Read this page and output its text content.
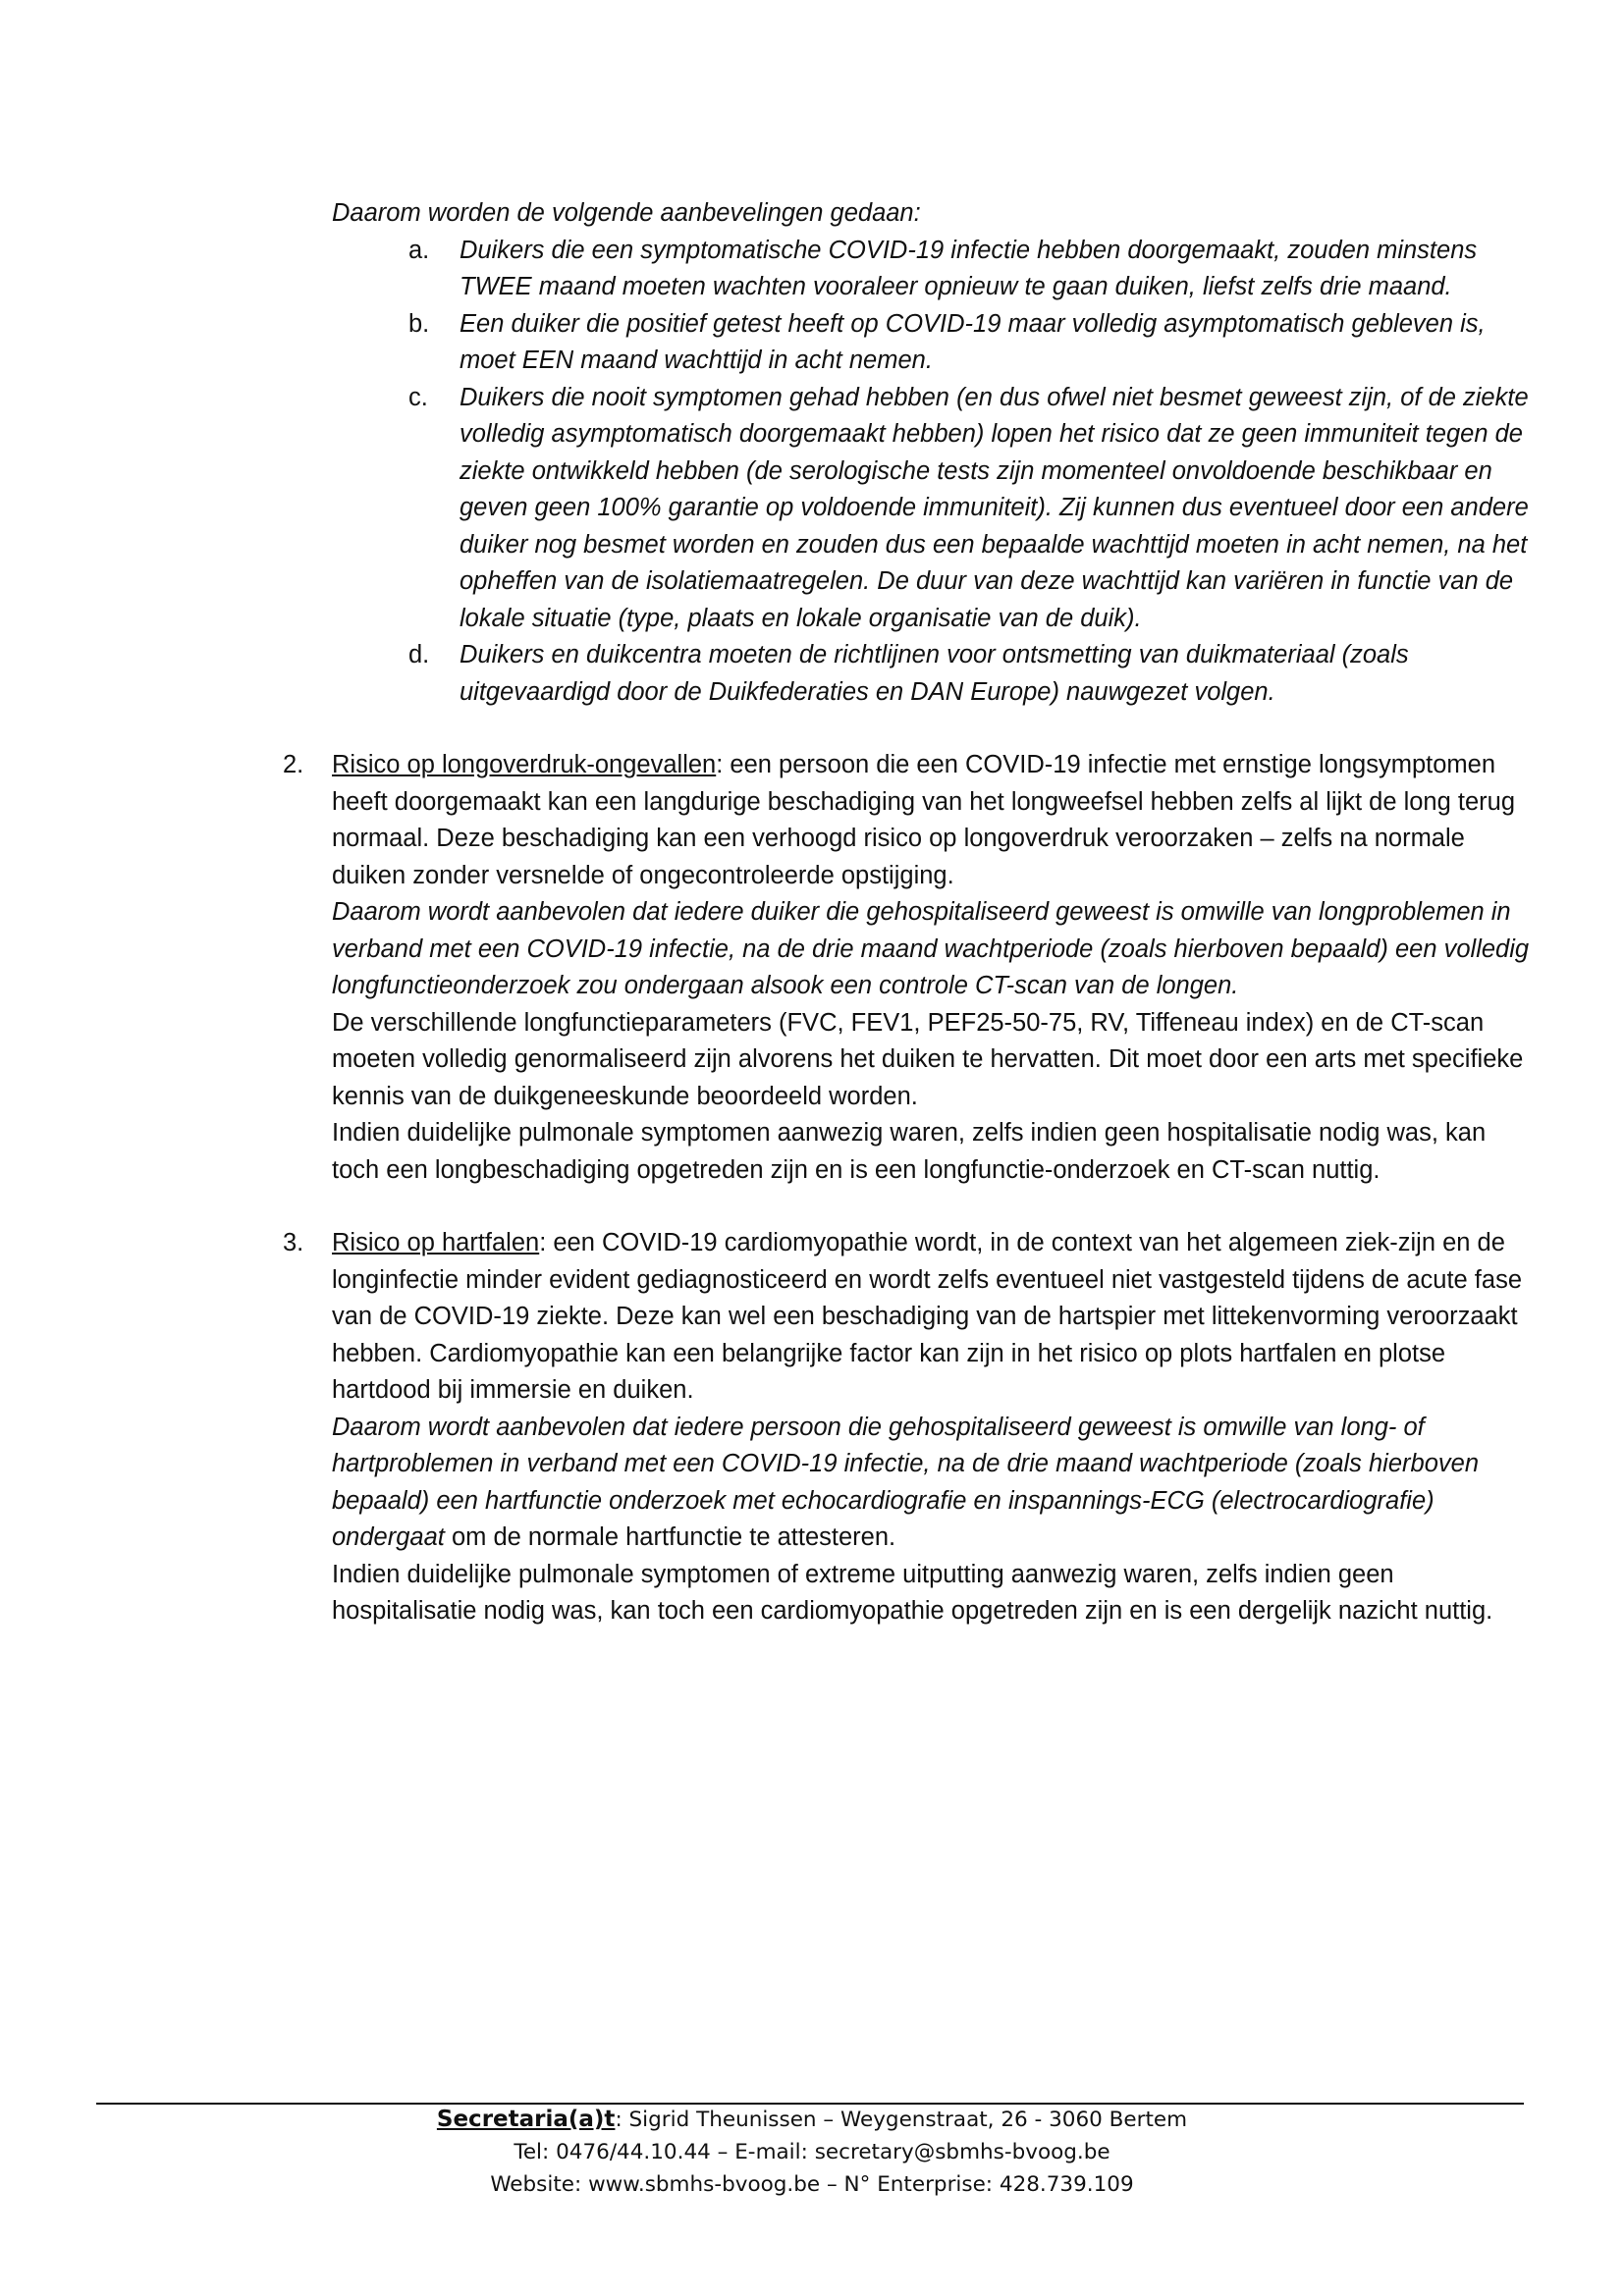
Daarom worden de volgende aanbevelingen gedaan:
a. Duikers die een symptomatische COVID-19 infectie hebben doorgemaakt, zouden minstens TWEE maand moeten wachten vooraleer opnieuw te gaan duiken, liefst zelfs drie maand.
b. Een duiker die positief getest heeft op COVID-19 maar volledig asymptomatisch gebleven is, moet EEN maand wachttijd in acht nemen.
c. Duikers die nooit symptomen gehad hebben (en dus ofwel niet besmet geweest zijn, of de ziekte volledig asymptomatisch doorgemaakt hebben) lopen het risico dat ze geen immuniteit tegen de ziekte ontwikkeld hebben (de serologische tests zijn momenteel onvoldoende beschikbaar en geven geen 100% garantie op voldoende immuniteit). Zij kunnen dus eventueel door een andere duiker nog besmet worden en zouden dus een bepaalde wachttijd moeten in acht nemen, na het opheffen van de isolatiemaatregelen. De duur van deze wachttijd kan variëren in functie van de lokale situatie (type, plaats en lokale organisatie van de duik).
d. Duikers en duikcentra moeten de richtlijnen voor ontsmetting van duikmateriaal (zoals uitgevaardigd door de Duikfederaties en DAN Europe) nauwgezet volgen.
2. Risico op longoverdruk-ongevallen: een persoon die een COVID-19 infectie met ernstige longsymptomen heeft doorgemaakt kan een langdurige beschadiging van het longweefsel hebben zelfs al lijkt de long terug normaal. Deze beschadiging kan een verhoogd risico op longoverdruk veroorzaken – zelfs na normale duiken zonder versnelde of ongecontroleerde opstijging.
Daarom wordt aanbevolen dat iedere duiker die gehospitaliseerd geweest is omwille van longproblemen in verband met een COVID-19 infectie, na de drie maand wachtperiode (zoals hierboven bepaald) een volledig longfunctieonderzoek zou ondergaan alsook een controle CT-scan van de longen.
De verschillende longfunctieparameters (FVC, FEV1, PEF25-50-75, RV, Tiffeneau index) en de CT-scan moeten volledig genormaliseerd zijn alvorens het duiken te hervatten. Dit moet door een arts met specifieke kennis van de duikgeneeskunde beoordeeld worden.
Indien duidelijke pulmonale symptomen aanwezig waren, zelfs indien geen hospitalisatie nodig was, kan toch een longbeschadiging opgetreden zijn en is een longfunctie-onderzoek en CT-scan nuttig.
3. Risico op hartfalen: een COVID-19 cardiomyopathie wordt, in de context van het algemeen ziek-zijn en de longinfectie minder evident gediagnosticeerd en wordt zelfs eventueel niet vastgesteld tijdens de acute fase van de COVID-19 ziekte. Deze kan wel een beschadiging van de hartspier met littekenvorming veroorzaakt hebben. Cardiomyopathie kan een belangrijke factor kan zijn in het risico op plots hartfalen en plotse hartdood bij immersie en duiken.
Daarom wordt aanbevolen dat iedere persoon die gehospitaliseerd geweest is omwille van long- of hartproblemen in verband met een COVID-19 infectie, na de drie maand wachtperiode (zoals hierboven bepaald) een hartfunctie onderzoek met echocardiografie en inspannings-ECG (electrocardiografie) ondergaat om de normale hartfunctie te attesteren.
Indien duidelijke pulmonale symptomen of extreme uitputting aanwezig waren, zelfs indien geen hospitalisatie nodig was, kan toch een cardiomyopathie opgetreden zijn en is een dergelijk nazicht nuttig.
Secretaria(a)t: Sigrid Theunissen – Weygenstraat, 26 - 3060 Bertem
Tel: 0476/44.10.44 – E-mail: secretary@sbmhs-bvoog.be
Website: www.sbmhs-bvoog.be – N° Enterprise: 428.739.109
